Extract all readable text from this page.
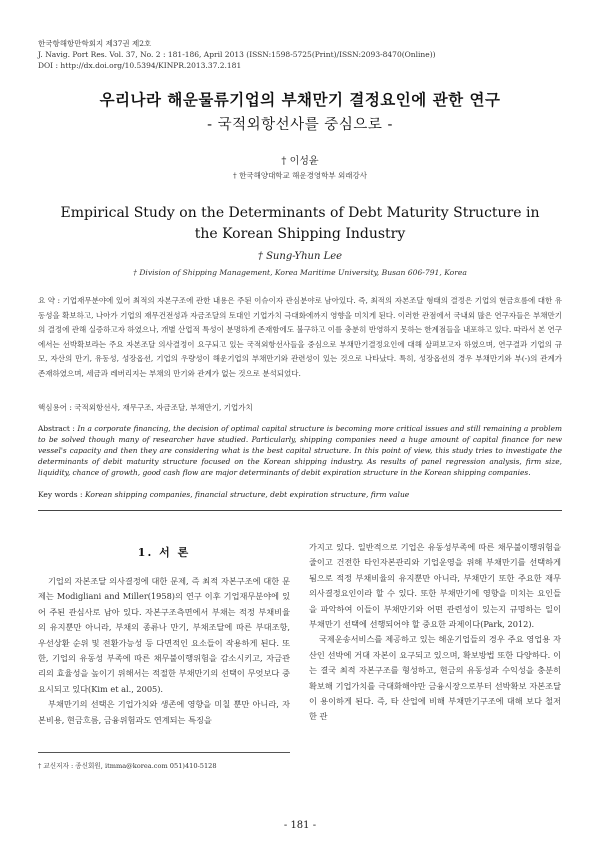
한국항해항만학회지 제37권 제2호
J. Navig. Port Res. Vol. 37, No. 2 : 181-186, April 2013 (ISSN:1598-5725(Print)/ISSN:2093-8470(Online))
DOI : http://dx.doi.org/10.5394/KINPR.2013.37.2.181
우리나라 해운물류기업의 부채만기 결정요인에 관한 연구
- 국적외항선사를 중심으로 -
† 이성윤
† 한국해양대학교 해운경영학부 외래강사
Empirical Study on the Determinants of Debt Maturity Structure in the Korean Shipping Industry
† Sung-Yhun Lee
† Division of Shipping Management, Korea Maritime University, Busan 606-791, Korea
요 약 : 기업재무분야에 있어 최적의 자본구조에 관한 내용은 주된 이슈이자 관심분야로 남아있다. 즉, 최적의 자본조달 형태의 결정은 기업의 현금흐름에 대한 유동성을 확보하고, 나아가 기업의 재무건전성과 자금조달의 토대인 기업가치 극대화에까지 영향을 미치게 된다. 이러한 관점에서 국내외 많은 연구자들은 부채만기의 결정에 관해 실증하고자 하였으나, 개별 산업적 특성이 분명하게 존재함에도 불구하고 이를 충분히 반영하지 못하는 한계점들을 내포하고 있다. 따라서 본 연구에서는 선박확보라는 주요 자본조달 의사결정이 요구되고 있는 국적외항선사들을 중심으로 부채만기결정요인에 대해 살펴보고자 하였으며, 연구결과 기업의 규모, 자산의 만기, 유동성, 성장옵션, 기업의 우량성이 해운기업의 부채만기와 관련성이 있는 것으로 나타났다. 특히, 성장옵션의 경우 부채만기와 부(-)의 관계가 존재하였으며, 세금과 레버리지는 부채의 만기와 관계가 없는 것으로 분석되었다.
핵심용어 : 국적외항선사, 재무구조, 자금조달, 부채만기, 기업가치
Abstract : In a corporate financing, the decision of optimal capital structure is becoming more critical issues and still remaining a problem to be solved though many of researcher have studied. Particularly, shipping companies need a huge amount of capital finance for new vessel's capacity and then they are considering what is the best capital structure. In this point of view, this study tries to investigate the determinants of debit maturity structure focused on the Korean shipping industry. As results of panel regression analysis, firm size, liquidity, chance of growth, good cash flow are major determinants of debit expiration structure in the Korean shipping companies.
Key words : Korean shipping companies, financial structure, debt expiration structure, firm value
1. 서 론

기업의 자본조달 의사결정에 대한 문제, 즉 최적 자본구조에 대한 문제는 Modigliani and Miller(1958)의 연구 이후 기업재무분야에 있어 주된 관심사로 남아 있다. 자본구조측면에서 부채는 적정 부채비율의 유지뿐만 아니라, 부채의 종류나 만기, 부채조달에 따른 부대조항, 우선상환 순위 및 전환가능성 등 다면적인 요소들이 작용하게 된다. 또한, 기업의 유동성 부족에 따른 채무불이행위험을 감소시키고, 자금관리의 효율성을 높이기 위해서는 적절한 부채만기의 선택이 무엇보다 중요시되고 있다(Kim et al., 2005).

부채만기의 선택은 기업가치와 생존에 영향을 미칠 뿐만 아니라, 자본비용, 현금흐름, 금융위험과도 연계되는 특징을

가지고 있다. 일반적으로 기업은 유동성부족에 따른 채무불이행위험을 줄이고 건전한 타인자본관리와 기업운영을 위해 부채만기를 선택하게 됨으로 적정 부채비율의 유지뿐만 아니라, 부채만기 또한 주요한 재무의사결정요인이라 할 수 있다. 또한 부채만기에 영향을 미치는 요인들을 파악하여 이들이 부채만기와 어떤 관련성이 있는지 규명하는 일이 부채만기 선택에 선행되어야 할 중요한 과제이다(Park, 2012).

국제운송서비스를 제공하고 있는 해운기업들의 경우 주요 영업용 자산인 선박에 거대 자본이 요구되고 있으며, 확보방법 또한 다양하다. 이는 결국 최적 자본구조를 형성하고, 현금의 유동성과 수익성을 충분히 확보해 기업가치를 극대화해야만 금융시장으로부터 선박확보 자본조달이 용이하게 된다. 즉, 타 산업에 비해 부채만기구조에 대해 보다 철저한 관

† 교신저자 : 종신회원, itmma@korea.com 051)410-5128
- 181 -
